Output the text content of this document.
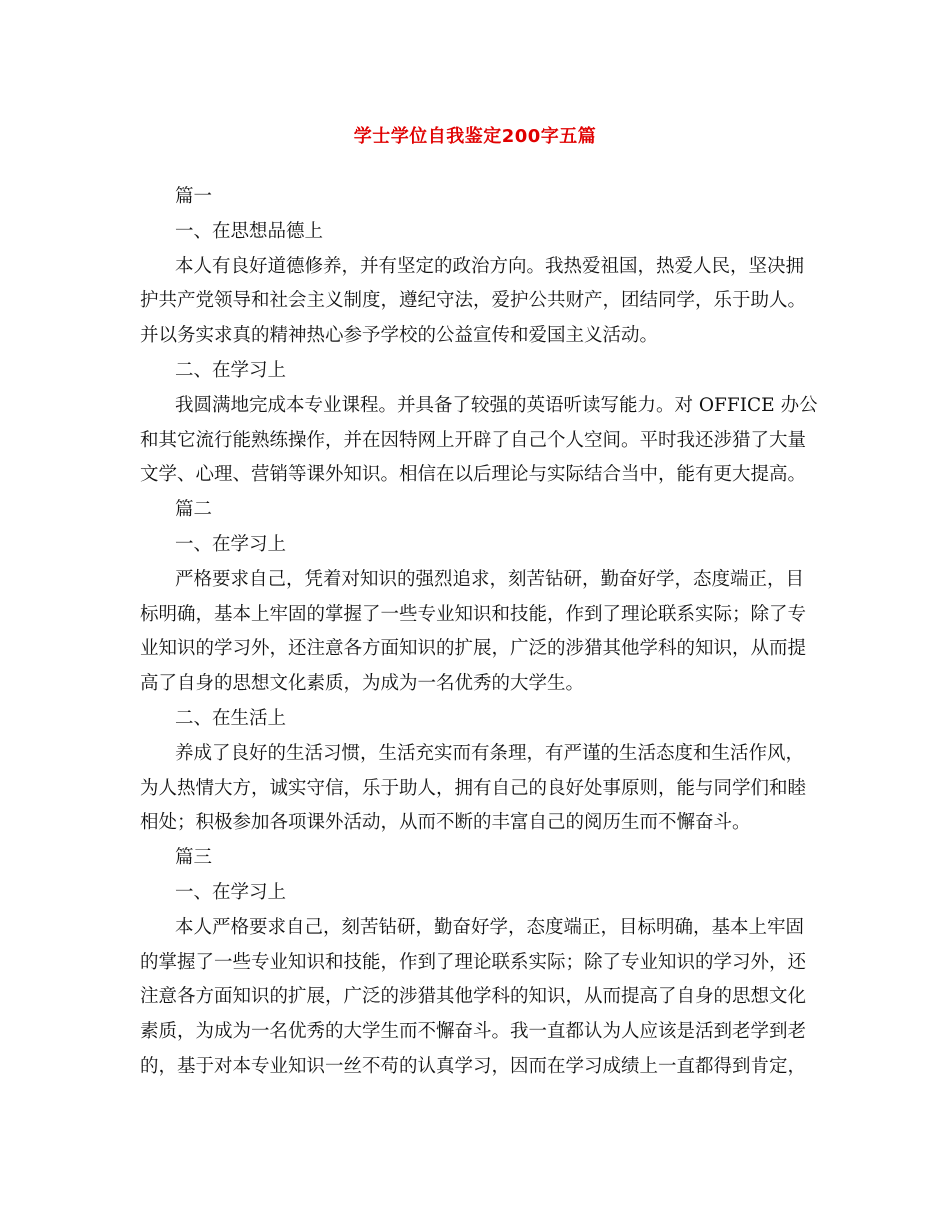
学士学位自我鉴定200字五篇
篇一
一、在思想品德上
本人有良好道德修养，并有坚定的政治方向。我热爱祖国，热爱人民，坚决拥
护共产党领导和社会主义制度，遵纪守法，爱护公共财产，团结同学，乐于助人。
并以务实求真的精神热心参予学校的公益宣传和爱国主义活动。
二、在学习上
我圆满地完成本专业课程。并具备了较强的英语听读写能力。对 OFFICE 办公
和其它流行能熟练操作，并在因特网上开辟了自己个人空间。平时我还涉猎了大量
文学、心理、营销等课外知识。相信在以后理论与实际结合当中，能有更大提高。
篇二
一、在学习上
严格要求自己，凭着对知识的强烈追求，刻苦钻研，勤奋好学，态度端正，目
标明确，基本上牢固的掌握了一些专业知识和技能，作到了理论联系实际；除了专
业知识的学习外，还注意各方面知识的扩展，广泛的涉猎其他学科的知识，从而提
高了自身的思想文化素质，为成为一名优秀的大学生。
二、在生活上
养成了良好的生活习惯，生活充实而有条理，有严谨的生活态度和生活作风，
为人热情大方，诚实守信，乐于助人，拥有自己的良好处事原则，能与同学们和睦
相处；积极参加各项课外活动，从而不断的丰富自己的阅历生而不懈奋斗。
篇三
一、在学习上
本人严格要求自己，刻苦钻研，勤奋好学，态度端正，目标明确，基本上牢固
的掌握了一些专业知识和技能，作到了理论联系实际；除了专业知识的学习外，还
注意各方面知识的扩展，广泛的涉猎其他学科的知识，从而提高了自身的思想文化
素质，为成为一名优秀的大学生而不懈奋斗。我一直都认为人应该是活到老学到老
的，基于对本专业知识一丝不苟的认真学习，因而在学习成绩上一直都得到肯定，
